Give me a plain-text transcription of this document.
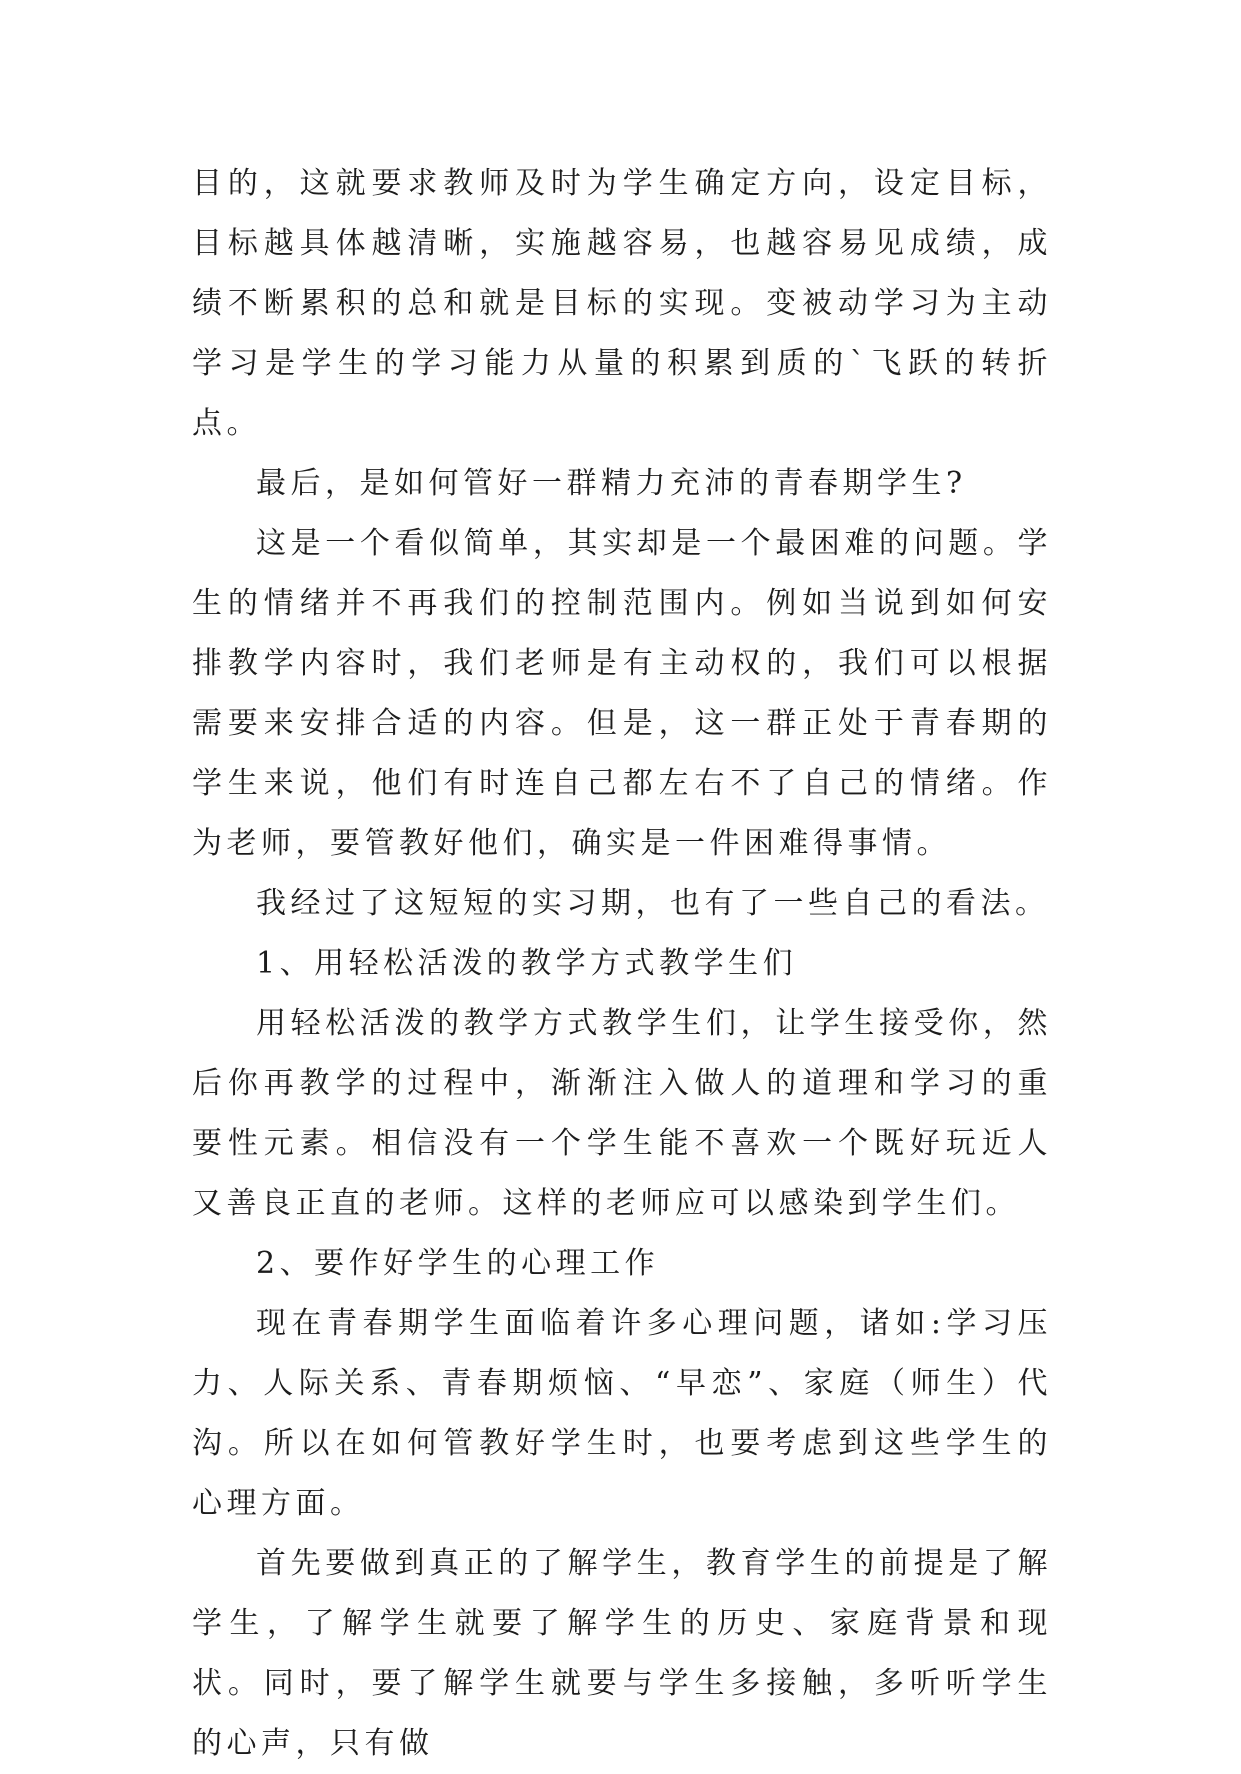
目的，这就要求教师及时为学生确定方向，设定目标，目标越具体越清晰，实施越容易，也越容易见成绩，成绩不断累积的总和就是目标的实现。变被动学习为主动学习是学生的学习能力从量的积累到质的`飞跃的转折点。

最后，是如何管好一群精力充沛的青春期学生?

这是一个看似简单，其实却是一个最困难的问题。学生的情绪并不再我们的控制范围内。例如当说到如何安排教学内容时，我们老师是有主动权的，我们可以根据需要来安排合适的内容。但是，这一群正处于青春期的学生来说，他们有时连自己都左右不了自己的情绪。作为老师，要管教好他们，确实是一件困难得事情。

我经过了这短短的实习期，也有了一些自己的看法。

1、用轻松活泼的教学方式教学生们

用轻松活泼的教学方式教学生们，让学生接受你，然后你再教学的过程中，渐渐注入做人的道理和学习的重要性元素。相信没有一个学生能不喜欢一个既好玩近人又善良正直的老师。这样的老师应可以感染到学生们。

2、要作好学生的心理工作

现在青春期学生面临着许多心理问题，诸如:学习压力、人际关系、青春期烦恼、“早恋”、家庭（师生）代沟。所以在如何管教好学生时，也要考虑到这些学生的心理方面。

首先要做到真正的了解学生，教育学生的前提是了解学生，了解学生就要了解学生的历史、家庭背景和现状。同时，要了解学生就要与学生多接触，多听听学生的心声，只有做
